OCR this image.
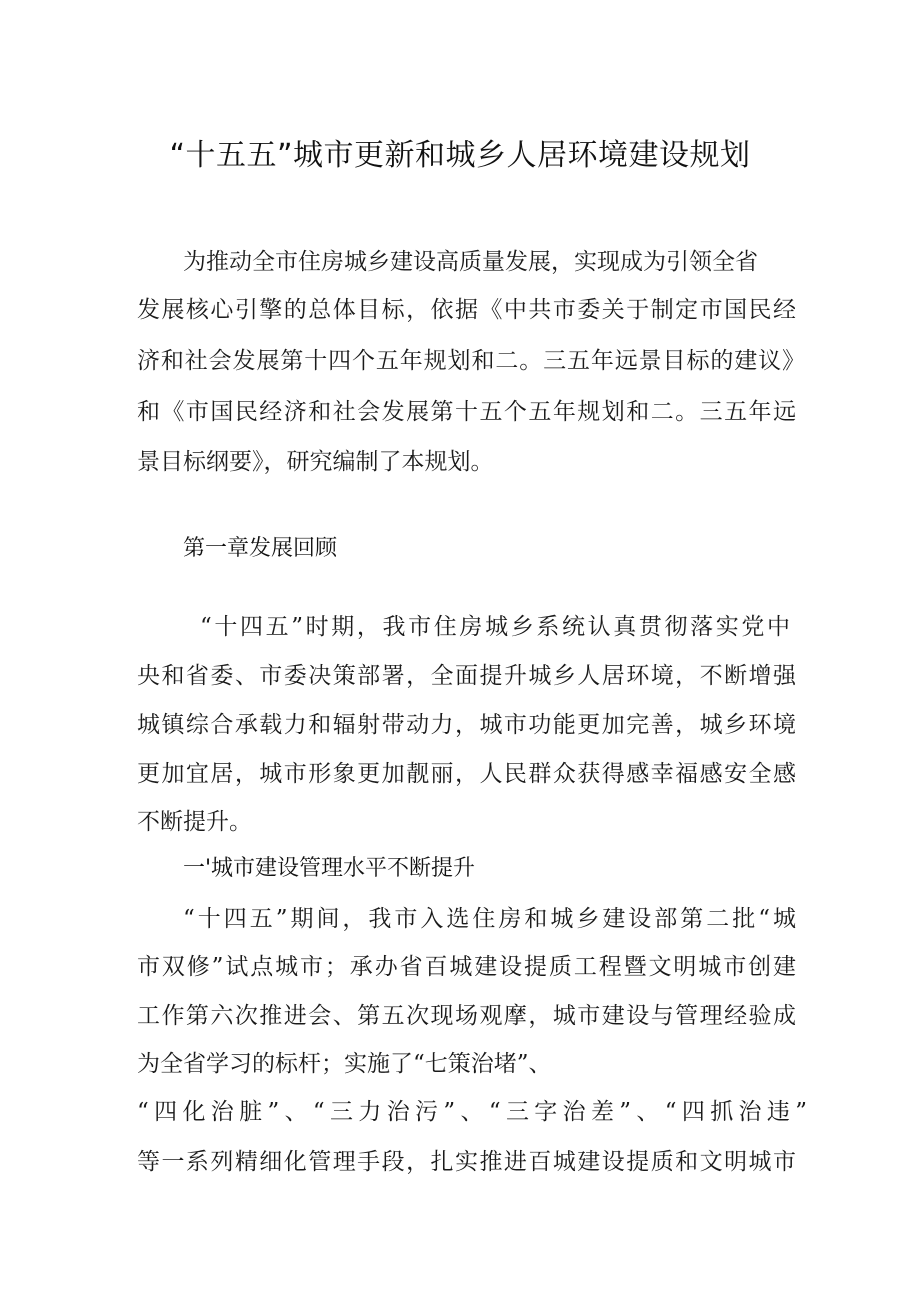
“十五五”城市更新和城乡人居环境建设规划
为推动全市住房城乡建设高质量发展，实现成为引领全省
发展核心引擎的总体目标，依据《中共市委关于制定市国民经
济和社会发展第十四个五年规划和二。三五年远景目标的建议》
和《市国民经济和社会发展第十五个五年规划和二。三五年远
景目标纲要》，研究编制了本规划。
第一章发展回顾
“十四五”时期，我市住房城乡系统认真贯彻落实党中
央和省委、市委决策部署，全面提升城乡人居环境，不断增强
城镇综合承载力和辐射带动力，城市功能更加完善，城乡环境
更加宜居，城市形象更加靓丽，人民群众获得感幸福感安全感
不断提升。
一'城市建设管理水平不断提升
“十四五”期间，我市入选住房和城乡建设部第二批“城
市双修”试点城市；承办省百城建设提质工程暨文明城市创建
工作第六次推进会、第五次现场观摩，城市建设与管理经验成
为全省学习的标杆；实施了“七策治堵”、
“四化治脏”、“三力治污”、“三字治差”、“四抓治违”
等一系列精细化管理手段，扎实推进百城建设提质和文明城市
